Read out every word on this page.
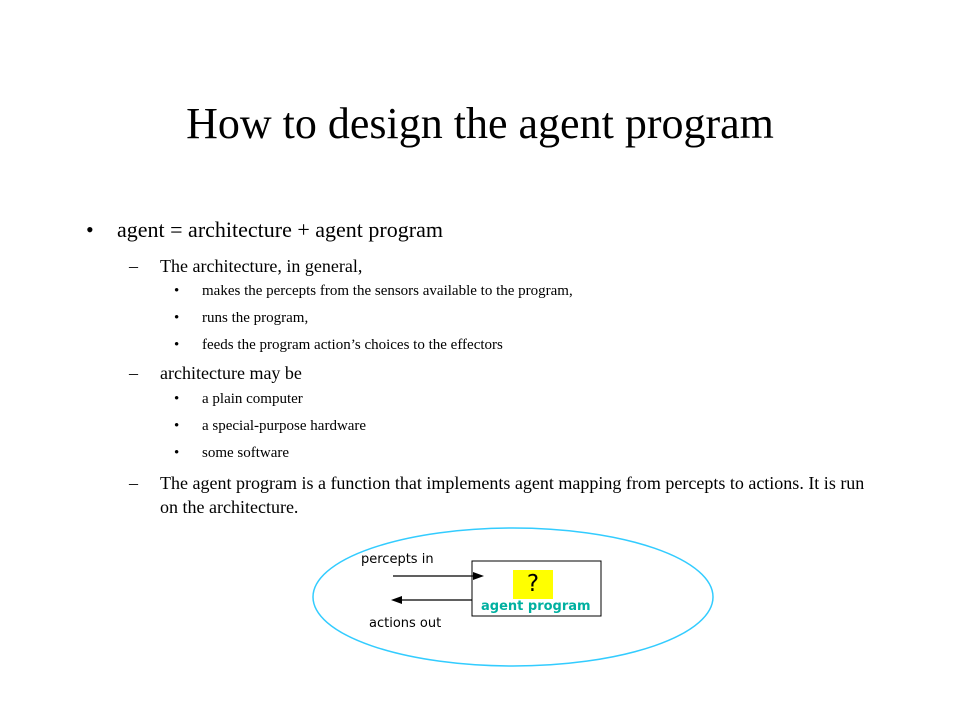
How to design the agent program
• agent = architecture + agent program
– The architecture, in general,
• makes the percepts from the sensors available to the program,
• runs the program,
• feeds the program action’s choices to the effectors
– architecture may be
• a plain computer
• a special-purpose hardware
• some software
– The agent program is a function that implements agent mapping from percepts to actions. It is run on the architecture.
percepts in
actions out
?
agent program
